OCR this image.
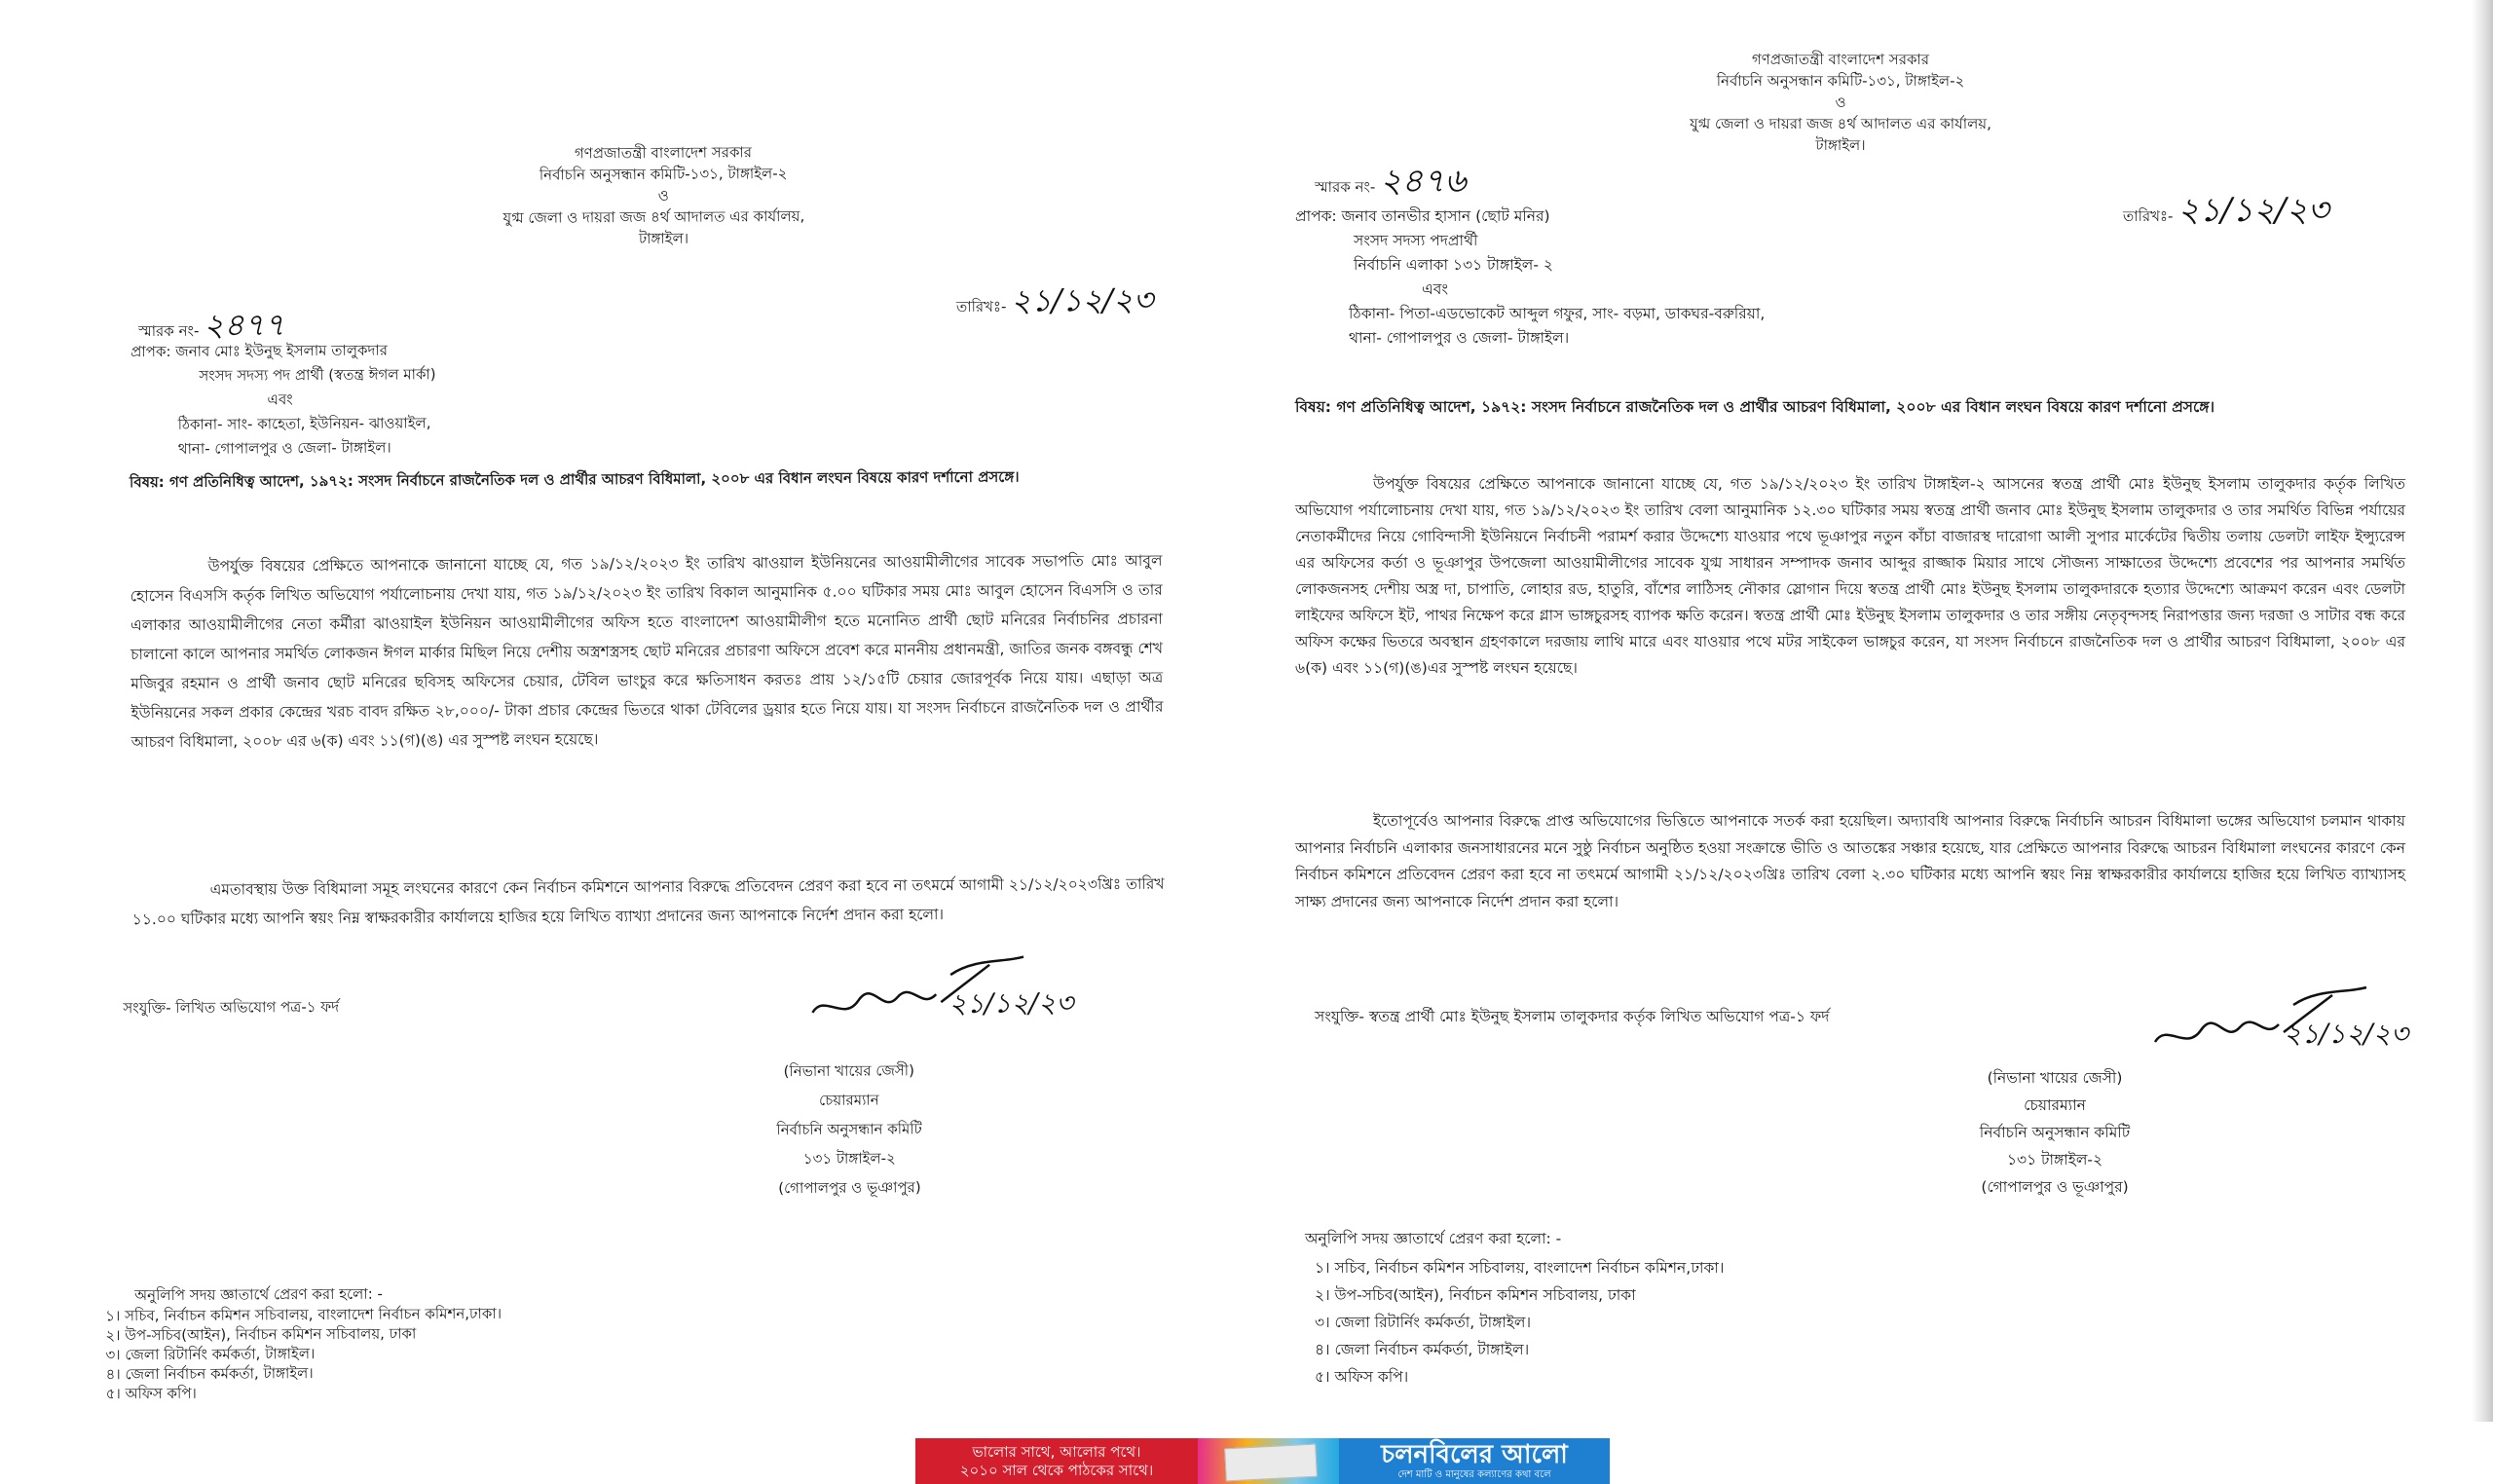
গণপ্রজাতন্ত্রী বাংলাদেশ সরকার
নির্বাচনি অনুসন্ধান কমিটি-১৩১, টাঙ্গাইল-২
ও
যুগ্ম জেলা ও দায়রা জজ ৪র্থ আদালত এর কার্যালয়,
টাঙ্গাইল।
স্মারক নং- ২৪৭৭	তারিখঃ- ২১/১২/২৩
প্রাপক: জনাব মোঃ ইউনুছ ইসলাম তালুকদার
সংসদ সদস্য পদ প্রার্থী (স্বতন্ত্র ঈগল মার্কা)
এবং
ঠিকানা- সাং- কাহেতা, ইউনিয়ন- ঝাওয়াইল,
থানা- গোপালপুর ও জেলা- টাঙ্গাইল।
বিষয়: গণ প্রতিনিধিত্ব আদেশ, ১৯৭২: সংসদ নির্বাচনে রাজনৈতিক দল ও প্রার্থীর আচরণ বিধিমালা, ২০০৮ এর বিধান লংঘন বিষয়ে কারণ দর্শানো প্রসঙ্গে।
উপর্যুক্ত বিষয়ের প্রেক্ষিতে আপনাকে জানানো যাচ্ছে যে, গত ১৯/১২/২০২৩ ইং তারিখ ঝাওয়াল ইউনিয়নের আওয়ামীলীগের সাবেক সভাপতি মোঃ আবুল হোসেন বিএসসি কর্তৃক লিখিত অভিযোগ পর্যালোচনায় দেখা যায়, গত ১৯/১২/২০২৩ ইং তারিখ বিকাল আনুমানিক ৫.০০ ঘটিকার সময় মোঃ আবুল হোসেন বিএসসি ও তার এলাকার আওয়ামীলীগের নেতা কর্মীরা ঝাওয়াইল ইউনিয়ন আওয়ামীলীগের অফিস হতে বাংলাদেশ আওয়ামীলীগ হতে মনোনিত প্রার্থী ছোট মনিরের নির্বাচনির প্রচারনা চালানো কালে আপনার সমর্থিত লোকজন ঈগল মার্কার মিছিল নিয়ে দেশীয় অস্ত্রশস্ত্রসহ ছোট মনিরের প্রচারণা অফিসে প্রবেশ করে মাননীয় প্রধানমন্ত্রী, জাতির জনক বঙ্গবন্ধু শেখ মজিবুর রহমান ও প্রার্থী জনাব ছোট মনিরের ছবিসহ অফিসের চেয়ার, টেবিল ভাংচুর করে ক্ষতিসাধন করতঃ প্রায় ১২/১৫টি চেয়ার জোরপূর্বক নিয়ে যায়। এছাড়া অত্র ইউনিয়নের সকল প্রকার কেন্দ্রের খরচ বাবদ রক্ষিত ২৮,০০০/- টাকা প্রচার কেন্দ্রের ভিতরে থাকা টেবিলের ড্রয়ার হতে নিয়ে যায়। যা সংসদ নির্বাচনে রাজনৈতিক দল ও প্রার্থীর আচরণ বিধিমালা, ২০০৮ এর ৬(ক) এবং ১১(গ)(ঙ) এর সুস্পষ্ট লংঘন হয়েছে।
এমতাবস্থায় উক্ত বিধিমালা সমূহ লংঘনের কারণে কেন নির্বাচন কমিশনে আপনার বিরুদ্ধে প্রতিবেদন প্রেরণ করা হবে না তৎমর্মে আগামী ২১/১২/২০২৩খ্রিঃ তারিখ ১১.০০ ঘটিকার মধ্যে আপনি স্বয়ং নিম্ন স্বাক্ষরকারীর কার্যালয়ে হাজির হয়ে লিখিত ব্যাখ্যা প্রদানের জন্য আপনাকে নির্দেশ প্রদান করা হলো।
সংযুক্তি- লিখিত অভিযোগ পত্র-১ ফর্দ	২১/১২/২৩
(নিভানা খায়ের জেসী)
চেয়ারম্যান
নির্বাচনি অনুসন্ধান কমিটি
১৩১ টাঙ্গাইল-২
(গোপালপুর ও ভূঞাপুর)
অনুলিপি সদয় জ্ঞাতার্থে প্রেরণ করা হলো: -
১। সচিব, নির্বাচন কমিশন সচিবালয়, বাংলাদেশ নির্বাচন কমিশন,ঢাকা।
২। উপ-সচিব(আইন), নির্বাচন কমিশন সচিবালয়, ঢাকা
৩। জেলা রিটার্নিং কর্মকর্তা, টাঙ্গাইল।
৪। জেলা নির্বাচন কর্মকর্তা, টাঙ্গাইল।
৫। অফিস কপি।
গণপ্রজাতন্ত্রী বাংলাদেশ সরকার
নির্বাচনি অনুসন্ধান কমিটি-১৩১, টাঙ্গাইল-২
ও
যুগ্ম জেলা ও দায়রা জজ ৪র্থ আদালত এর কার্যালয়,
টাঙ্গাইল।
স্মারক নং- ২৪৭৬
তারিখঃ- ২১/১২/২৩
প্রাপক: জনাব তানভীর হাসান (ছোট মনির)
সংসদ সদস্য পদপ্রার্থী
নির্বাচনি এলাকা ১৩১ টাঙ্গাইল- ২
এবং
ঠিকানা- পিতা-এডভোকেট আব্দুল গফুর, সাং- বড়মা, ডাকঘর-বরুরিয়া,
থানা- গোপালপুর ও জেলা- টাঙ্গাইল।
বিষয়: গণ প্রতিনিধিত্ব আদেশ, ১৯৭২: সংসদ নির্বাচনে রাজনৈতিক দল ও প্রার্থীর আচরণ বিধিমালা, ২০০৮ এর বিধান লংঘন বিষয়ে কারণ দর্শানো প্রসঙ্গে।
উপর্যুক্ত বিষয়ের প্রেক্ষিতে আপনাকে জানানো যাচ্ছে যে, গত ১৯/১২/২০২৩ ইং তারিখ টাঙ্গাইল-২ আসনের স্বতন্ত্র প্রার্থী মোঃ ইউনুছ ইসলাম তালুকদার কর্তৃক লিখিত অভিযোগ পর্যালোচনায় দেখা যায়, গত ১৯/১২/২০২৩ ইং তারিখ বেলা আনুমানিক ১২.৩০ ঘটিকার সময় স্বতন্ত্র প্রার্থী জনাব মোঃ ইউনুছ ইসলাম তালুকদার ও তার সমর্থিত বিভিন্ন পর্যায়ের নেতাকর্মীদের নিয়ে গোবিন্দাসী ইউনিয়নে নির্বাচনী পরামর্শ করার উদ্দেশ্যে যাওয়ার পথে ভূঞাপুর নতুন কাঁচা বাজারস্থ দারোগা আলী সুপার মার্কেটের দ্বিতীয় তলায় ডেলটা লাইফ ইন্স্যুরেন্স এর অফিসের কর্তা ও ভূঞাপুর উপজেলা আওয়ামীলীগের সাবেক যুগ্ম সাধারন সম্পাদক জনাব আব্দুর রাজ্জাক মিয়ার সাথে সৌজন্য সাক্ষাতের উদ্দেশ্যে প্রবেশের পর আপনার সমর্থিত লোকজনসহ দেশীয় অস্ত্র দা, চাপাতি, লোহার রড, হাতুরি, বাঁশের লাঠিসহ নৌকার স্লোগান দিয়ে স্বতন্ত্র প্রার্থী মোঃ ইউনুছ ইসলাম তালুকদারকে হত্যার উদ্দেশ্যে আক্রমণ করেন এবং ডেলটা লাইফের অফিসে ইট, পাথর নিক্ষেপ করে গ্লাস ভাঙ্গচুরসহ ব্যাপক ক্ষতি করেন। স্বতন্ত্র প্রার্থী মোঃ ইউনুছ ইসলাম তালুকদার ও তার সঙ্গীয় নেতৃবৃন্দসহ নিরাপত্তার জন্য দরজা ও সাটার বন্ধ করে অফিস কক্ষের ভিতরে অবস্থান গ্রহণকালে দরজায় লাথি মারে এবং যাওয়ার পথে মটর সাইকেল ভাঙ্গচুর করেন, যা সংসদ নির্বাচনে রাজনৈতিক দল ও প্রার্থীর আচরণ বিধিমালা, ২০০৮ এর ৬(ক) এবং ১১(গ)(ঙ)এর সুস্পষ্ট লংঘন হয়েছে।
ইতোপূর্বেও আপনার বিরুদ্ধে প্রাপ্ত অভিযোগের ভিত্তিতে আপনাকে সতর্ক করা হয়েছিল। অদ্যাবধি আপনার বিরুদ্ধে নির্বাচনি আচরন বিধিমালা ভঙ্গের অভিযোগ চলমান থাকায় আপনার নির্বাচনি এলাকার জনসাধারনের মনে সুষ্ঠু নির্বাচন অনুষ্ঠিত হওয়া সংক্রান্তে ভীতি ও আতঙ্কের সঞ্চার হয়েছে, যার প্রেক্ষিতে আপনার বিরুদ্ধে আচরন বিধিমালা লংঘনের কারণে কেন নির্বাচন কমিশনে প্রতিবেদন প্রেরণ করা হবে না তৎমর্মে আগামী ২১/১২/২০২৩খ্রিঃ তারিখ বেলা ২.৩০ ঘটিকার মধ্যে আপনি স্বয়ং নিম্ন স্বাক্ষরকারীর কার্যালয়ে হাজির হয়ে লিখিত ব্যাখ্যাসহ সাক্ষ্য প্রদানের জন্য আপনাকে নির্দেশ প্রদান করা হলো।
সংযুক্তি- স্বতন্ত্র প্রার্থী মোঃ ইউনুছ ইসলাম তালুকদার কর্তৃক লিখিত অভিযোগ পত্র-১ ফর্দ
২১/১২/২৩
(নিভানা খায়ের জেসী)
চেয়ারম্যান
নির্বাচনি অনুসন্ধান কমিটি
১৩১ টাঙ্গাইল-২
(গোপালপুর ও ভূঞাপুর)
অনুলিপি সদয় জ্ঞাতার্থে প্রেরণ করা হলো: -
১। সচিব, নির্বাচন কমিশন সচিবালয়, বাংলাদেশ নির্বাচন কমিশন,ঢাকা।
২। উপ-সচিব(আইন), নির্বাচন কমিশন সচিবালয়, ঢাকা
৩। জেলা রিটার্নিং কর্মকর্তা, টাঙ্গাইল।
৪। জেলা নির্বাচন কর্মকর্তা, টাঙ্গাইল।
৫। অফিস কপি।
ভালোর সাথে, আলোর পথে।
২০১০ সাল থেকে পাঠকের সাথে।
চলনবিলের আলো
দেশ মাটি ও মানুষের কল্যাণের কথা বলে
